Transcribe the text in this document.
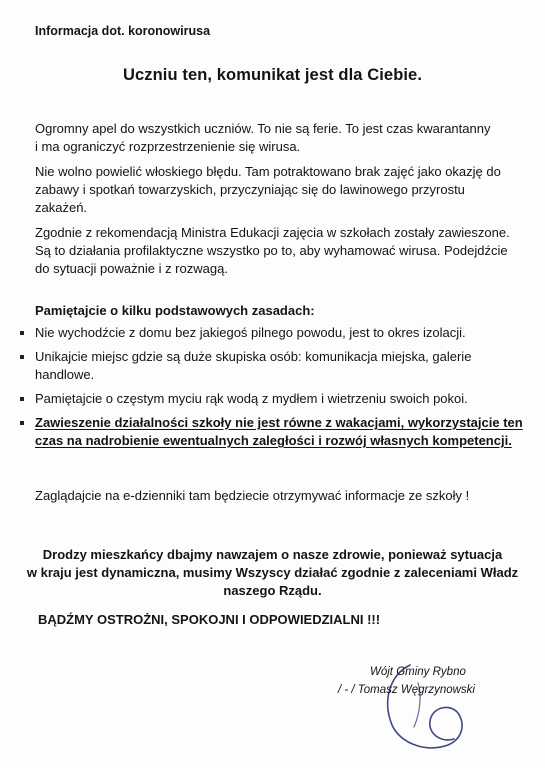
Informacja dot. koronowirusa

Uczniu ten, komunikat jest dla Ciebie.

Ogromny apel do wszystkich uczniów. To nie są ferie. To jest czas kwarantanny
i ma ograniczyć rozprzestrzenienie się wirusa.
Nie wolno powielić włoskiego błędu. Tam potraktowano brak zajęć jako okazję do
zabawy i spotkań towarzyskich, przyczyniając się do lawinowego przyrostu
zakażeń.
Zgodnie z rekomendacją Ministra Edukacji zajęcia w szkołach zostały zawieszone.
Są to działania profilaktyczne wszystko po to, aby wyhamować wirusa. Podejdźcie
do sytuacji poważnie i z rozwagą.

Pamiętajcie o kilku podstawowych zasadach:

Nie wychodźcie z domu bez jakiegoś pilnego powodu, jest to okres izolacji.
Unikajcie miejsc gdzie są duże skupiska osób: komunikacja miejska, galerie
handlowe.
Pamiętajcie o częstym myciu rąk wodą z mydłem i wietrzeniu swoich pokoi.
Zawieszenie działalności szkoły nie jest równe z wakacjami, wykorzystajcie ten
czas na nadrobienie ewentualnych zaległości i rozwój własnych kompetencji.

Zaglądajcie na e-dzienniki tam będziecie otrzymywać informacje ze szkoły !

Drodzy mieszkańcy dbajmy nawzajem o nasze zdrowie, ponieważ sytuacja
w kraju jest dynamiczna, musimy Wszyscy działać zgodnie z zaleceniami Władz
naszego Rządu.

BĄDŹMY OSTROŻNI, SPOKOJNI I ODPOWIEDZIALNI !!!

Wójt Gminy Rybno
/ - / Tomasz Węgrzynowski
